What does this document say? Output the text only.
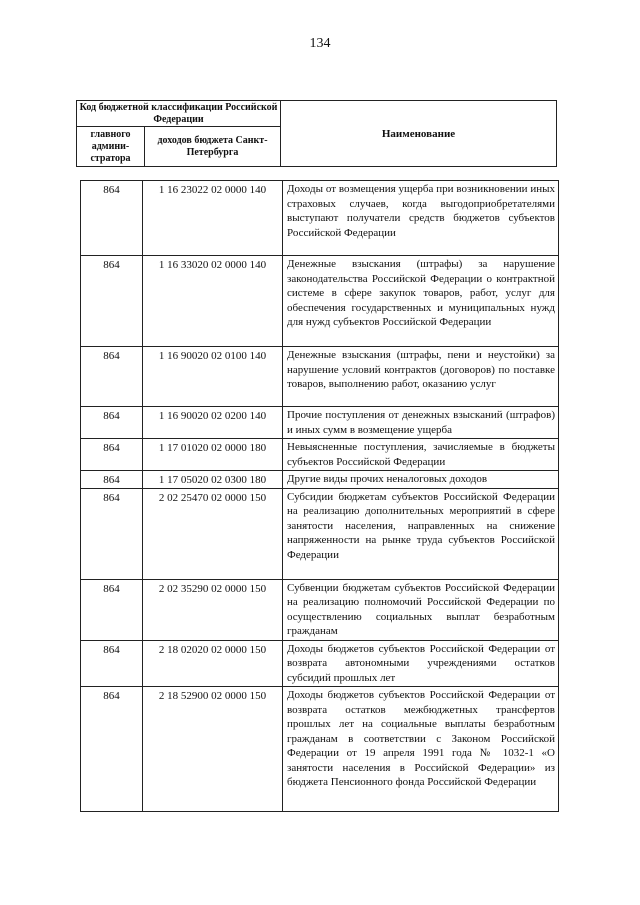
134
Код бюджетной классификации Российской Федерации		Наименование
главного админи-стратора	доходов бюджета Санкт-Петербурга	
864	1 16 23022 02 0000 140	Доходы от возмещения ущерба при возникновении иных страховых случаев, когда выгодоприобретателями выступают получатели средств бюджетов субъектов Российской Федерации
864	1 16 33020 02 0000 140	Денежные взыскания (штрафы) за нарушение законодательства Российской Федерации о контрактной системе в сфере закупок товаров, работ, услуг для обеспечения государственных и муниципальных нужд для нужд субъектов Российской Федерации
864	1 16 90020 02 0100 140	Денежные взыскания (штрафы, пени и неустойки) за нарушение условий контрактов (договоров) по поставке товаров, выполнению работ, оказанию услуг
864	1 16 90020 02 0200 140	Прочие поступления от денежных взысканий (штрафов) и иных сумм в возмещение ущерба
864	1 17 01020 02 0000 180	Невыясненные поступления, зачисляемые в бюджеты субъектов Российской Федерации
864	1 17 05020 02 0300 180	Другие виды прочих неналоговых доходов
864	2 02 25470 02 0000 150	Субсидии бюджетам субъектов Российской Федерации на реализацию дополнительных мероприятий в сфере занятости населения, направленных на снижение напряженности на рынке труда субъектов Российской Федерации
864	2 02 35290 02 0000 150	Субвенции бюджетам субъектов Российской Федерации на реализацию полномочий Российской Федерации по осуществлению социальных выплат безработным гражданам
864	2 18 02020 02 0000 150	Доходы бюджетов субъектов Российской Федерации от возврата автономными учреждениями остатков субсидий прошлых лет
864	2 18 52900 02 0000 150	Доходы бюджетов субъектов Российской Федерации от возврата остатков межбюджетных трансфертов прошлых лет на социальные выплаты безработным гражданам в соответствии с Законом Российской Федерации от 19 апреля 1991 года № 1032-1 «О занятости населения в Российской Федерации» из бюджета Пенсионного фонда Российской Федерации
